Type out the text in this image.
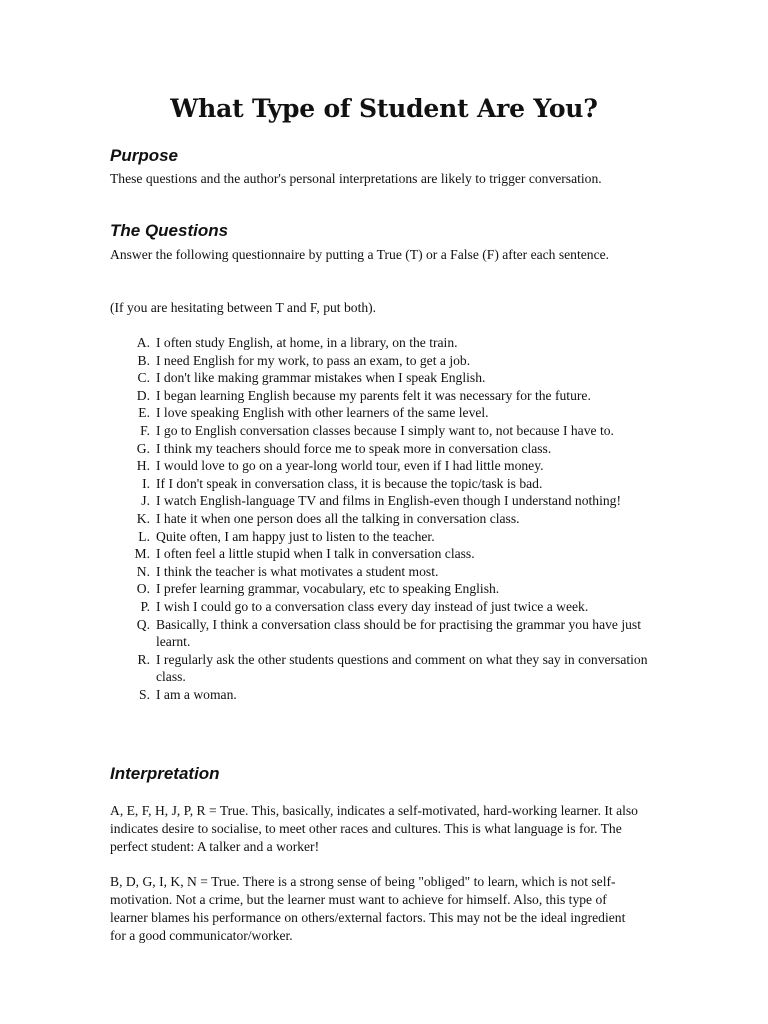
What Type of Student Are You?
Purpose
These questions and the author's personal interpretations are likely to trigger conversation.
The Questions
Answer the following questionnaire by putting a True (T) or a False (F) after each sentence.
(If you are hesitating between T and F, put both).
A . I often study English, at home, in a library, on the train.
B . I need English for my work, to pass an exam, to get a job.
C . I don't like making grammar mistakes when I speak English.
D . I began learning English because my parents felt it was necessary for the future.
E . I love speaking English with other learners of the same level.
F . I go to English conversation classes because I simply want to, not because I have to.
G . I think my teachers should force me to speak more in conversation class.
H . I would love to go on a year-long world tour, even if I had little money.
I . If I don't speak in conversation class, it is because the topic/task is bad.
J . I watch English-language TV and films in English-even though I understand nothing!
K . I hate it when one person does all the talking in conversation class.
L . Quite often, I am happy just to listen to the teacher.
M . I often feel a little stupid when I talk in conversation class.
N . I think the teacher is what motivates a student most.
O . I prefer learning grammar, vocabulary, etc to speaking English.
P . I wish I could go to a conversation class every day instead of just twice a week.
Q . Basically, I think a conversation class should be for practising the grammar you have just learnt.
R . I regularly ask the other students questions and comment on what they say in conversation class.
S . I am a woman.
Interpretation
A, E, F, H, J, P, R = True. This, basically, indicates a self-motivated, hard-working learner. It also indicates desire to socialise, to meet other races and cultures. This is what language is for. The perfect student: A talker and a worker!
B, D, G, I, K, N = True. There is a strong sense of being "obliged" to learn, which is not self-motivation. Not a crime, but the learner must want to achieve for himself. Also, this type of learner blames his performance on others/external factors. This may not be the ideal ingredient for a good communicator/worker.
